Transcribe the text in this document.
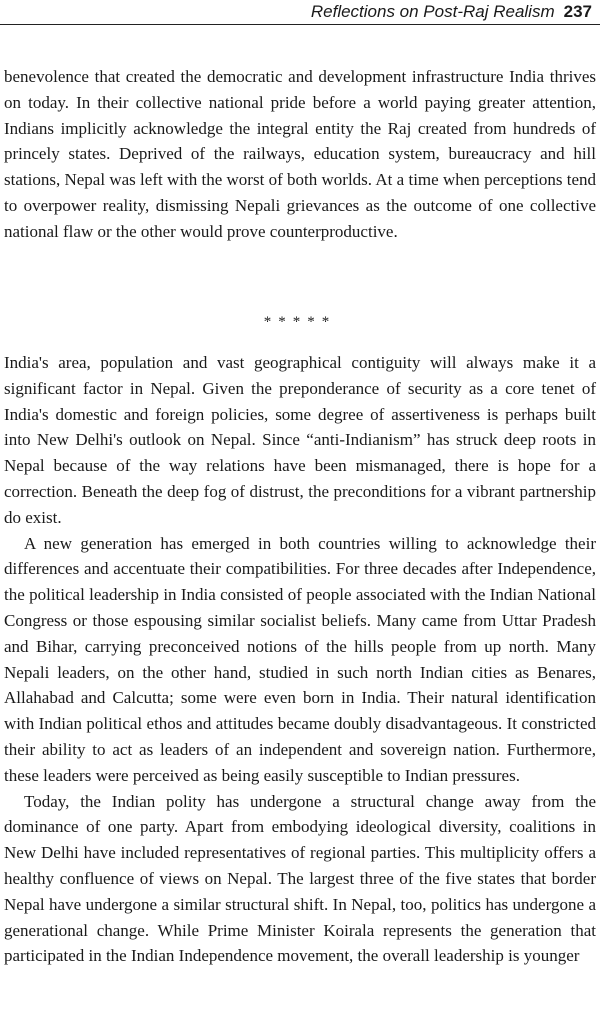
Reflections on Post-Raj Realism 237

benevolence that created the democratic and development infrastructure India thrives on today. In their collective national pride before a world paying greater attention, Indians implicitly acknowledge the integral entity the Raj created from hundreds of princely states. Deprived of the railways, education system, bureaucracy and hill stations, Nepal was left with the worst of both worlds. At a time when perceptions tend to overpower reality, dismissing Nepali grievances as the outcome of one collective national flaw or the other would prove counterproductive.

*****

India's area, population and vast geographical contiguity will always make it a significant factor in Nepal. Given the preponderance of security as a core tenet of India's domestic and foreign policies, some degree of assertiveness is perhaps built into New Delhi's outlook on Nepal. Since “anti-Indianism” has struck deep roots in Nepal because of the way relations have been mismanaged, there is hope for a correction. Beneath the deep fog of distrust, the preconditions for a vibrant partnership do exist.

A new generation has emerged in both countries willing to acknowledge their differences and accentuate their compatibilities. For three decades after Independence, the political leadership in India consisted of people associated with the Indian National Congress or those espousing similar socialist beliefs. Many came from Uttar Pradesh and Bihar, carrying preconceived notions of the hills people from up north. Many Nepali leaders, on the other hand, studied in such north Indian cities as Benares, Allahabad and Calcutta; some were even born in India. Their natural identification with Indian political ethos and attitudes became doubly disadvantageous. It constricted their ability to act as leaders of an independent and sovereign nation. Furthermore, these leaders were perceived as being easily susceptible to Indian pressures.

Today, the Indian polity has undergone a structural change away from the dominance of one party. Apart from embodying ideological diversity, coalitions in New Delhi have included representatives of regional parties. This multiplicity offers a healthy confluence of views on Nepal. The largest three of the five states that border Nepal have undergone a similar structural shift. In Nepal, too, politics has undergone a generational change. While Prime Minister Koirala represents the generation that participated in the Indian Independence movement, the overall leadership is younger
